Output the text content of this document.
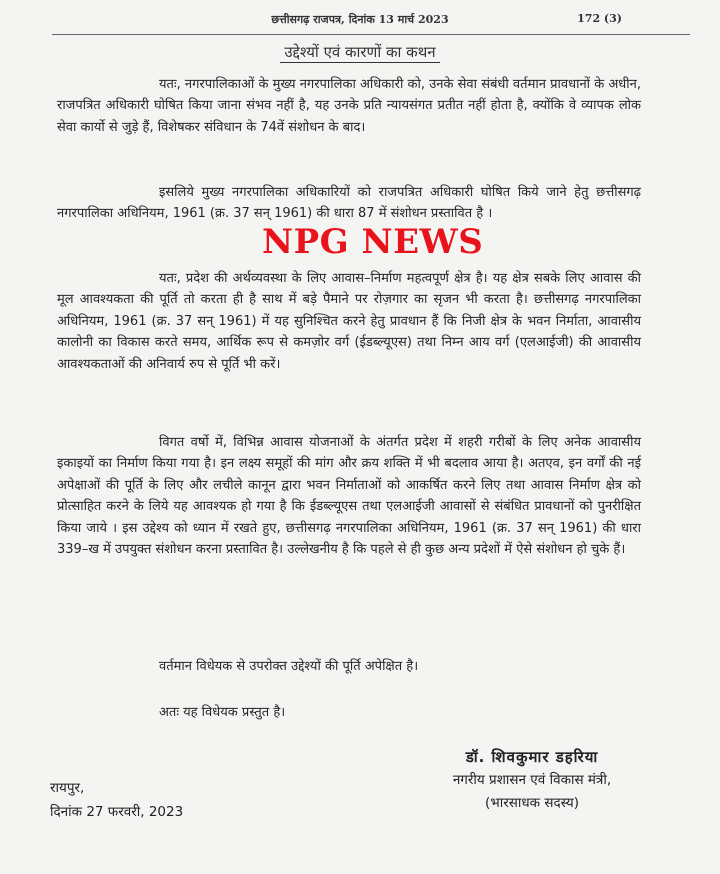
छत्तीसगढ़ राजपत्र, दिनांक 13 मार्च 2023	172 (3)
उद्देश्यों एवं कारणों का कथन

यतः, नगरपालिकाओं के मुख्य नगरपालिका अधिकारी को, उनके सेवा संबंधी वर्तमान प्रावधानों के अधीन, राजपत्रित अधिकारी घोषित किया जाना संभव नहीं है, यह उनके प्रति न्यायसंगत प्रतीत नहीं होता है, क्योंकि वे व्यापक लोक सेवा कार्यो से जुड़े हैं, विशेषकर संविधान के 74वें संशोधन के बाद।

इसलिये मुख्य नगरपालिका अधिकारियों को राजपत्रित अधिकारी घोषित किये जाने हेतु छत्तीसगढ़ नगरपालिका अधिनियम, 1961 (क्र. 37 सन् 1961) की धारा 87 में संशोधन प्रस्तावित है ।

यतः, प्रदेश की अर्थव्यवस्था के लिए आवास–निर्माण महत्वपूर्ण क्षेत्र है। यह क्षेत्र सबके लिए आवास की मूल आवश्यकता की पूर्ति तो करता ही है साथ में बड़े पैमाने पर रोज़गार का सृजन भी करता है। छत्तीसगढ़ नगरपालिका अधिनियम, 1961 (क्र. 37 सन् 1961) में यह सुनिश्चित करने हेतु प्रावधान हैं कि निजी क्षेत्र के भवन निर्माता, आवासीय कालोनी का विकास करते समय, आर्थिक रूप से कमज़ोर वर्ग (ईडब्ल्यूएस) तथा निम्न आय वर्ग (एलआईजी) की आवासीय आवश्यकताओं की अनिवार्य रुप से पूर्ति भी करें।

विगत वर्षो में, विभिन्न आवास योजनाओं के अंतर्गत प्रदेश में शहरी गरीबों के लिए अनेक आवासीय इकाइयों का निर्माण किया गया है। इन लक्ष्य समूहों की मांग और क्रय शक्ति में भी बदलाव आया है। अतएव, इन वर्गों की नई अपेक्षाओं की पूर्ति के लिए और लचीले कानून द्वारा भवन निर्माताओं को आकर्षित करने लिए तथा आवास निर्माण क्षेत्र को प्रोत्साहित करने के लिये यह आवश्यक हो गया है कि ईडब्ल्यूएस तथा एलआईजी आवासों से संबंधित प्रावधानों को पुनरीक्षित किया जाये । इस उद्देश्य को ध्यान में रखते हुए, छत्तीसगढ़ नगरपालिका अधिनियम, 1961 (क्र. 37 सन् 1961) की धारा 339–ख में उपयुक्त संशोधन करना प्रस्तावित है। उल्लेखनीय है कि पहले से ही कुछ अन्य प्रदेशों में ऐसे संशोधन हो चुके हैं।

वर्तमान विधेयक से उपरोक्त उद्देश्यों की पूर्ति अपेक्षित है।

अतः यह विधेयक प्रस्तुत है।

NPG NEWS
डॉ. शिवकुमार डहरिया
नगरीय प्रशासन एवं विकास मंत्री,
(भारसाधक सदस्य)
रायपुर,
दिनांक 27 फरवरी, 2023
